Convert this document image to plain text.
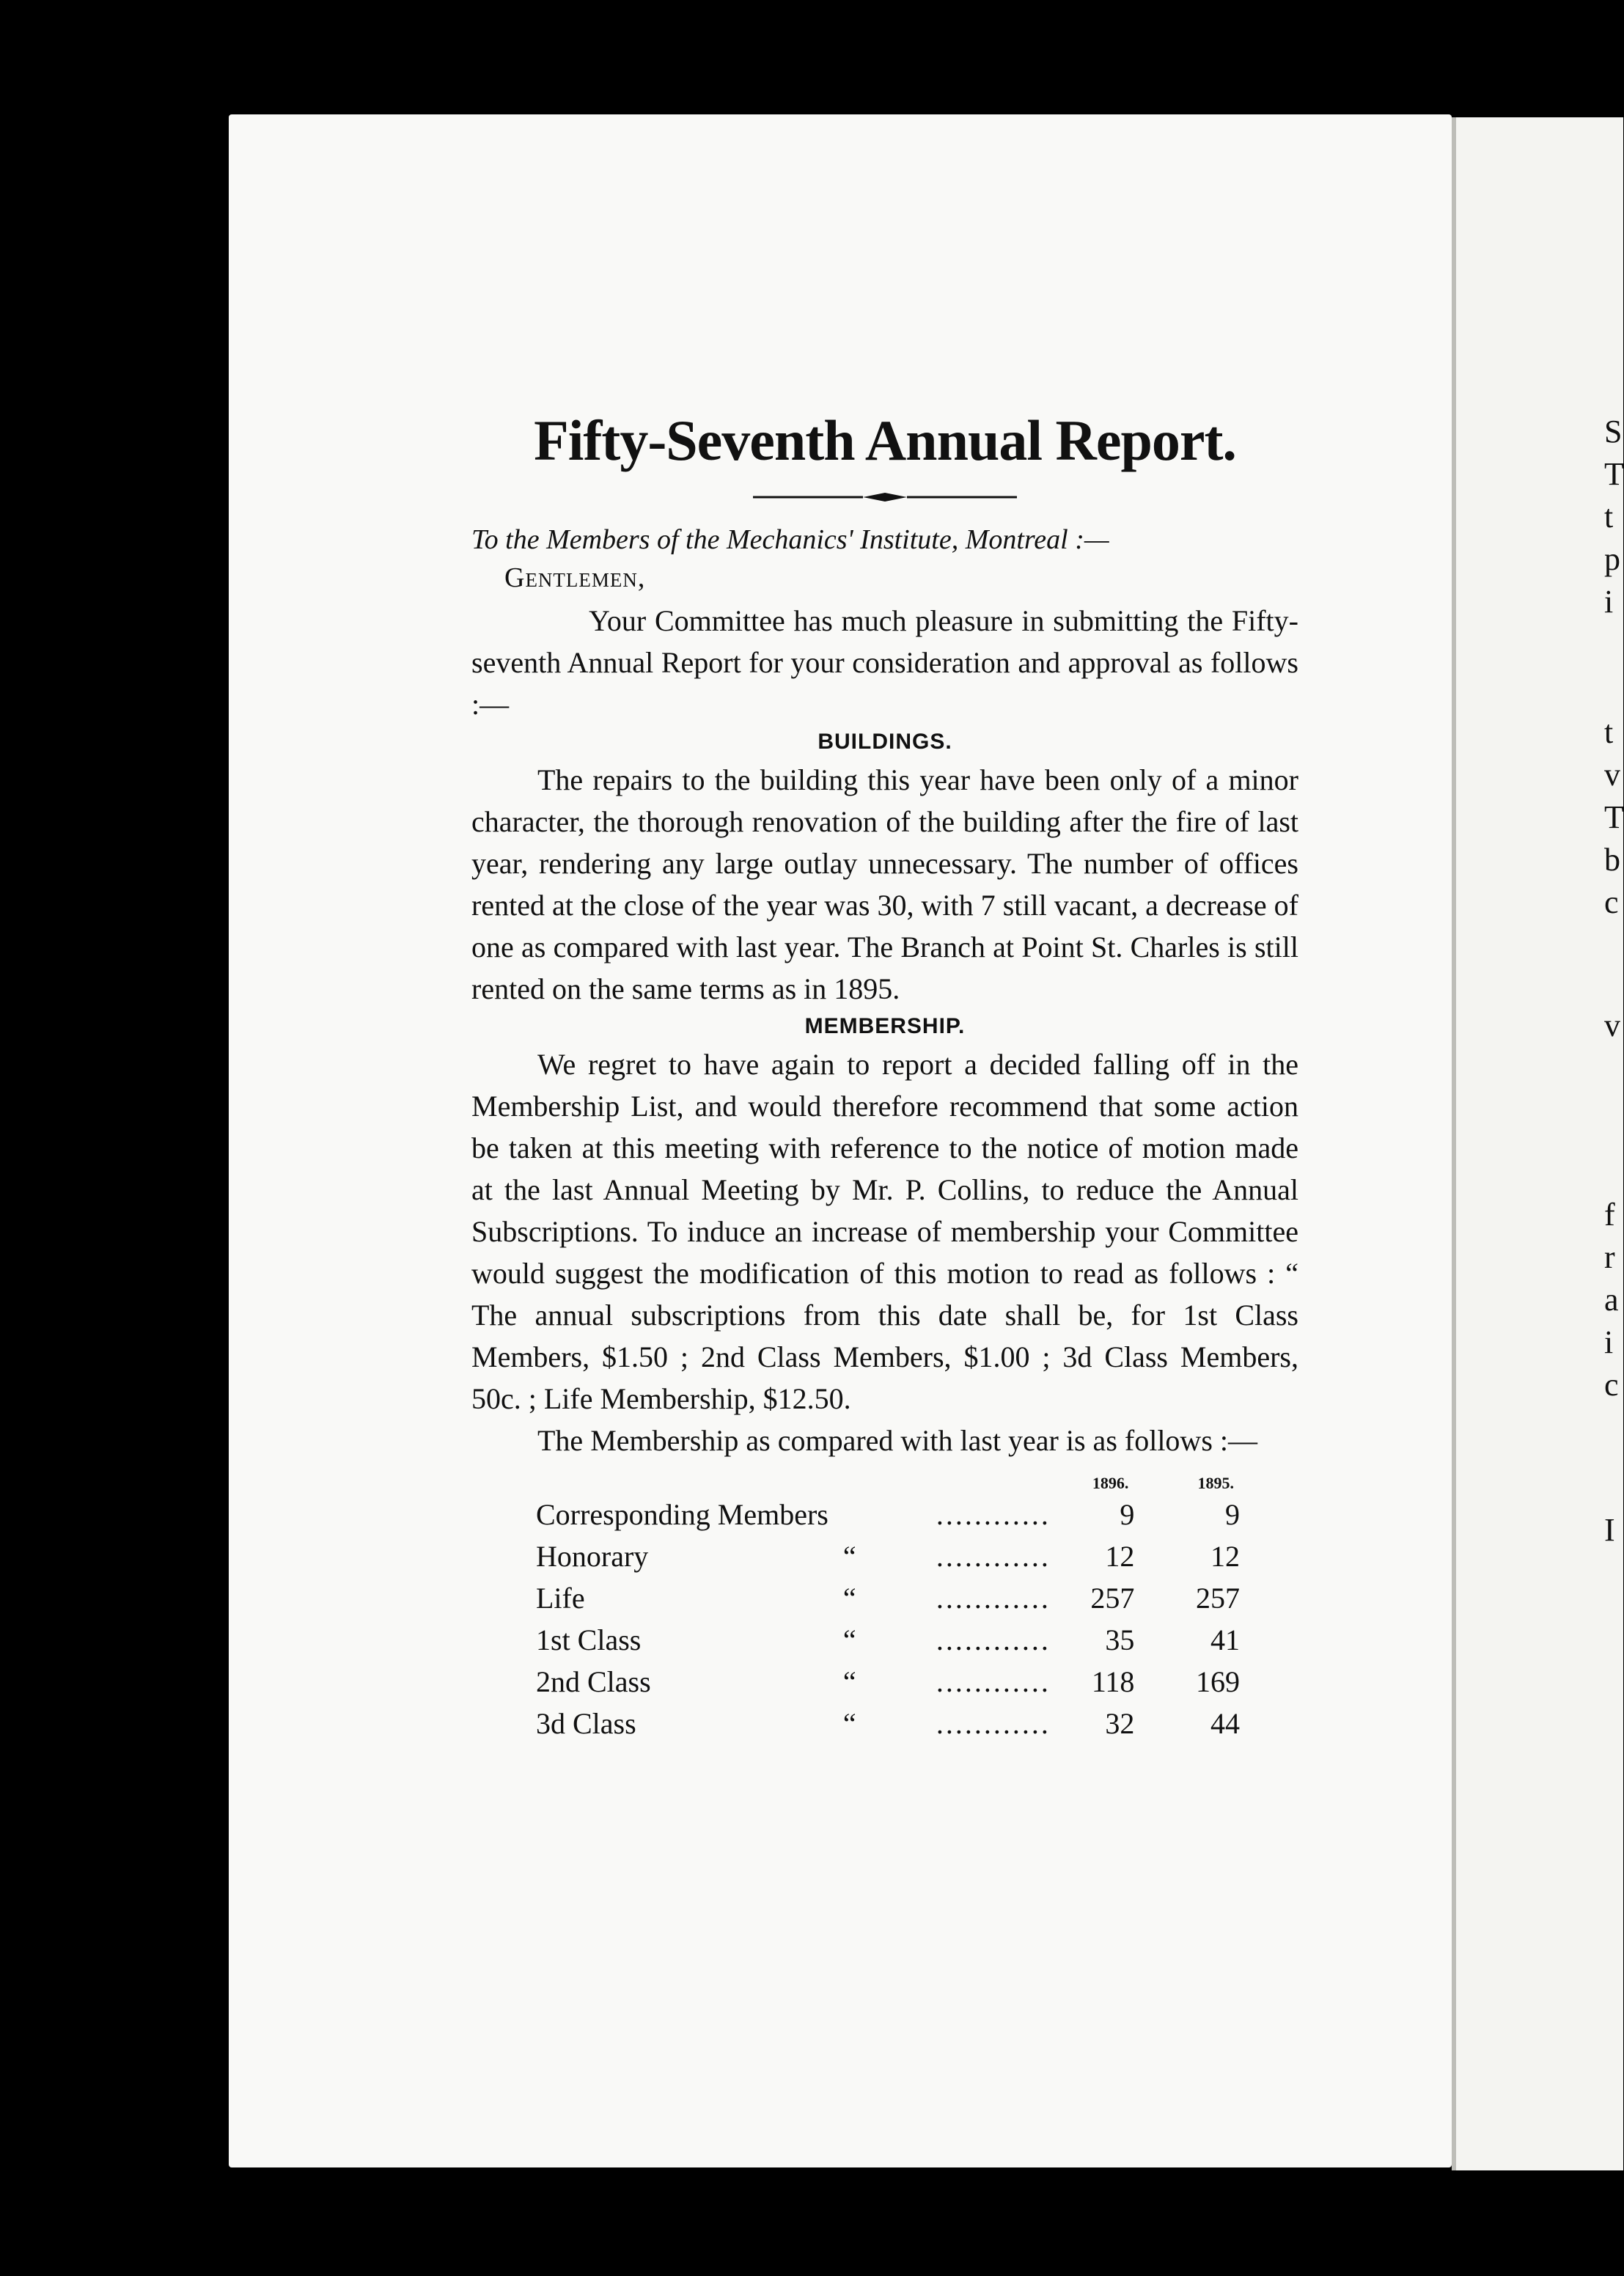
S
T
t
p
i
t
v
T
b
c
v
f
r
a
i
c
I
Fifty-Seventh Annual Report.

To the Members of the Mechanics' Institute, Montreal :—

Gentlemen,

Your Committee has much pleasure in submitting the Fifty-seventh Annual Report for your consideration and approval as follows :—

BUILDINGS.

The repairs to the building this year have been only of a minor character, the thorough renovation of the building after the fire of last year, rendering any large outlay unnecessary. The number of offices rented at the close of the year was 30, with 7 still vacant, a decrease of one as compared with last year. The Branch at Point St. Charles is still rented on the same terms as in 1895.

MEMBERSHIP.

We regret to have again to report a decided falling off in the Membership List, and would therefore recommend that some action be taken at this meeting with reference to the notice of motion made at the last Annual Meeting by Mr. P. Collins, to reduce the Annual Subscriptions. To induce an increase of membership your Committee would suggest the modification of this motion to read as follows : “ The annual subscriptions from this date shall be, for 1st Class Members, $1.50 ; 2nd Class Members, $1.00 ; 3d Class Members, 50c. ; Life Membership, $12.50.

The Membership as compared with last year is as follows :—

			1896.	1895.
Corresponding Members		............	9	9
Honorary	“	............	12	12
Life	“	............	257	257
1st Class	“	............	35	41
2nd Class	“	............	118	169
3d Class	“	............	32	44
